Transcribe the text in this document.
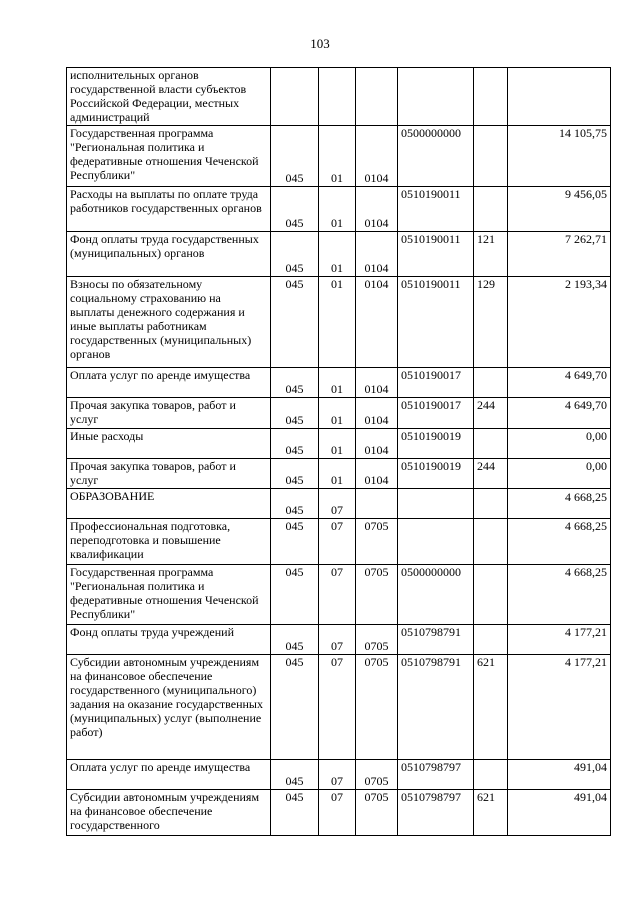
103
исполнительных органов государственной власти субъектов Российской Федерации, местных администраций						
Государственная программа "Региональная политика и федеративные отношения Чеченской Республики"	045	01	0104	0500000000		14 105,75
Расходы на выплаты по оплате труда работников государственных органов	045	01	0104	0510190011		9 456,05
Фонд оплаты труда государственных (муниципальных) органов	045	01	0104	0510190011	121	7 262,71
Взносы по обязательному социальному страхованию на выплаты денежного содержания и иные выплаты работникам государственных (муниципальных) органов	045	01	0104	0510190011	129	2 193,34
Оплата услуг по аренде имущества	045	01	0104	0510190017		4 649,70
Прочая закупка товаров, работ и услуг	045	01	0104	0510190017	244	4 649,70
Иные расходы	045	01	0104	0510190019		0,00
Прочая закупка товаров, работ и услуг	045	01	0104	0510190019	244	0,00
ОБРАЗОВАНИЕ	045	07				4 668,25
Профессиональная подготовка, переподготовка и повышение квалификации	045	07	0705			4 668,25
Государственная программа "Региональная политика и федеративные отношения Чеченской Республики"	045	07	0705	0500000000		4 668,25
Фонд оплаты труда учреждений	045	07	0705	0510798791		4 177,21
Субсидии автономным учреждениям на финансовое обеспечение государственного (муниципального) задания на оказание государственных (муниципальных) услуг (выполнение работ)	045	07	0705	0510798791	621	4 177,21
Оплата услуг по аренде имущества	045	07	0705	0510798797		491,04
Субсидии автономным учреждениям на финансовое обеспечение государственного	045	07	0705	0510798797	621	491,04
